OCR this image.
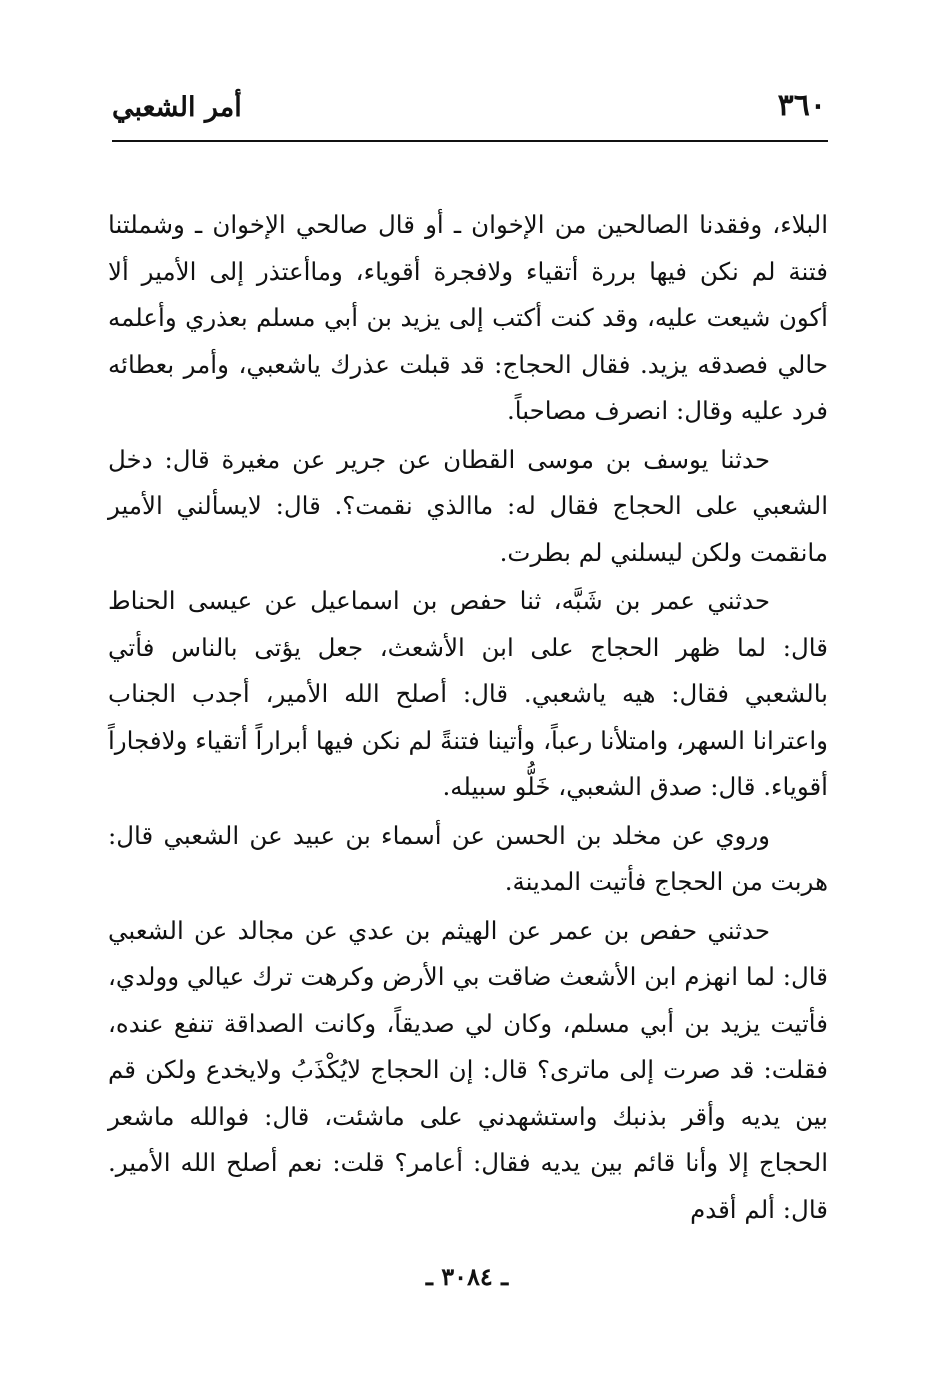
٣٦٠
أمر الشعبي

البلاء، وفقدنا الصالحين من الإخوان ـ أو قال صالحي الإخوان ـ وشملتنا فتنة لم نكن فيها بررة أتقياء ولافجرة أقوياء، وماأعتذر إلى الأمير ألا أكون شيعت عليه، وقد كنت أكتب إلى يزيد بن أبي مسلم بعذري وأعلمه حالي فصدقه يزيد. فقال الحجاج: قد قبلت عذرك ياشعبي، وأمر بعطائه فرد عليه وقال: انصرف مصاحباً.

حدثنا يوسف بن موسى القطان عن جرير عن مغيرة قال: دخل الشعبي على الحجاج فقال له: ماالذي نقمت؟. قال: لايسألني الأمير مانقمت ولكن ليسلني لم بطرت.

حدثني عمر بن شَبَّه، ثنا حفص بن اسماعيل عن عيسى الحناط قال: لما ظهر الحجاج على ابن الأشعث، جعل يؤتى بالناس فأتي بالشعبي فقال: هيه ياشعبي. قال: أصلح الله الأمير، أجدب الجناب واعترانا السهر، وامتلأنا رعباً، وأتينا فتنةً لم نكن فيها أبراراً أتقياء ولافجاراً أقوياء. قال: صدق الشعبي، خَلُّو سبيله.

وروي عن مخلد بن الحسن عن أسماء بن عبيد عن الشعبي قال: هربت من الحجاج فأتيت المدينة.

حدثني حفص بن عمر عن الهيثم بن عدي عن مجالد عن الشعبي قال: لما انهزم ابن الأشعث ضاقت بي الأرض وكرهت ترك عيالي وولدي، فأتيت يزيد بن أبي مسلم، وكان لي صديقاً، وكانت الصداقة تنفع عنده، فقلت: قد صرت إلى ماترى؟ قال: إن الحجاج لايُكْذَبُ ولايخدع ولكن قم بين يديه وأقر بذنبك واستشهدني على ماشئت، قال: فوالله ماشعر الحجاج إلا وأنا قائم بين يديه فقال: أعامر؟ قلت: نعم أصلح الله الأمير. قال: ألم أقدم

ـ ٣٠٨٤ ـ
